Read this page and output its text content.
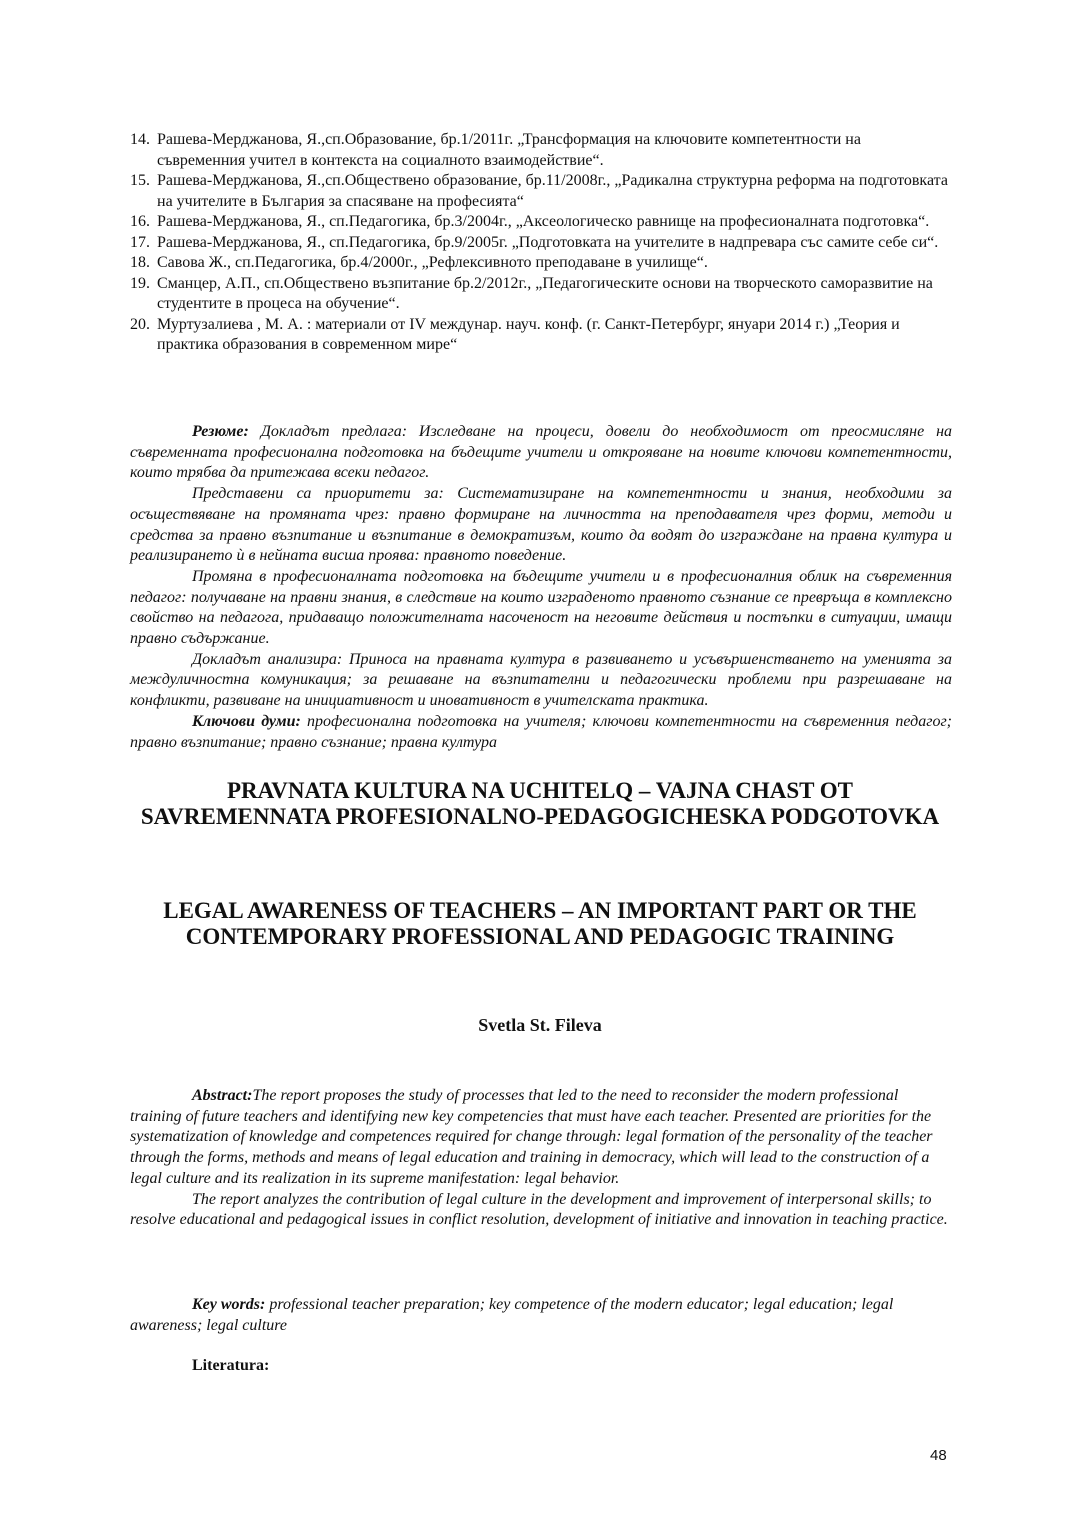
14. Рашева-Мерджанова, Я.,сп.Образование, бр.1/2011г. „Трансформация на ключовите компетентности на съвременния учител в контекста на социалното взаимодействие“.
15. Рашева-Мерджанова, Я.,сп.Обществено образование, бр.11/2008г., „Радикална структурна реформа на подготовката на учителите в България за спасяване на професията“
16. Рашева-Мерджанова, Я., сп.Педагогика, бр.3/2004г., „Аксеологическо равнище на професионалната подготовка“.
17. Рашева-Мерджанова, Я., сп.Педагогика, бр.9/2005г. „Подготовката на учителите в надпревара със самите себе си“.
18. Савова Ж., сп.Педагогика, бр.4/2000г., „Рефлексивното преподаване в училище“.
19. Сманцер, А.П., сп.Обществено възпитание бр.2/2012г., „Педагогическите основи на творческото саморазвитие на студентите в процеса на обучение“.
20. Муртузалиева , М. А. : материали от IV междунар. науч. конф. (г. Санкт-Петербург, януари 2014 г.) „Теория и практика образования в современном мире“

Резюме: Докладът предлага: Изследване на процеси, довели до необходимост от преосмисляне на съвременната професионална подготовка на бъдещите учители и открояване на новите ключови компетентности, които трябва да притежава всеки педагог.

Представени са приоритети за: Систематизиране на компетентности и знания, необходими за осъществяване на промяната чрез: правно формиране на личността на преподавателя чрез форми, методи и средства за правно възпитание и възпитание в демократизъм, които да водят до изграждане на правна култура и реализирането ѝ в нейната висша проява: правното поведение.

Промяна в професионалната подготовка на бъдещите учители и в професионалния облик на съвременния педагог: получаване на правни знания, в следствие на които изграденото правното съзнание се превръща в комплексно свойство на педагога, придаващо положителната насоченост на неговите действия и постъпки в ситуации, имащи правно съдържание.

Докладът анализира: Приноса на правната култура в развиването и усъвършенстването на уменията за междуличностна комуникация; за решаване на възпитателни и педагогически проблеми при разрешаване на конфликти, развиване на инициативност и иновативност в учителската практика.

Ключови думи: професионална подготовка на учителя; ключови компетентности на съвременния педагог; правно възпитание; правно съзнание; правна култура

PRAVNATA KULTURA NA UCHITELQ – VAJNA CHAST OT SAVREMENNATA PROFESIONALNO-PEDAGOGICHESKA PODGOTOVKA
LEGAL AWARENESS OF TEACHERS – AN IMPORTANT PART OR THE CONTEMPORARY PROFESSIONAL AND PEDAGOGIC TRAINING
Svetla St. Fileva

Abstract:The report proposes the study of processes that led to the need to reconsider the modern professional training of future teachers and identifying new key competencies that must have each teacher. Presented are priorities for the systematization of knowledge and competences required for change through: legal formation of the personality of the teacher through the forms, methods and means of legal education and training in democracy, which will lead to the construction of a legal culture and its realization in its supreme manifestation: legal behavior.

The report analyzes the contribution of legal culture in the development and improvement of interpersonal skills; to resolve educational and pedagogical issues in conflict resolution, development of initiative and innovation in teaching practice.

Key words: professional teacher preparation; key competence of the modern educator; legal education; legal awareness; legal culture

Literatura:
48
